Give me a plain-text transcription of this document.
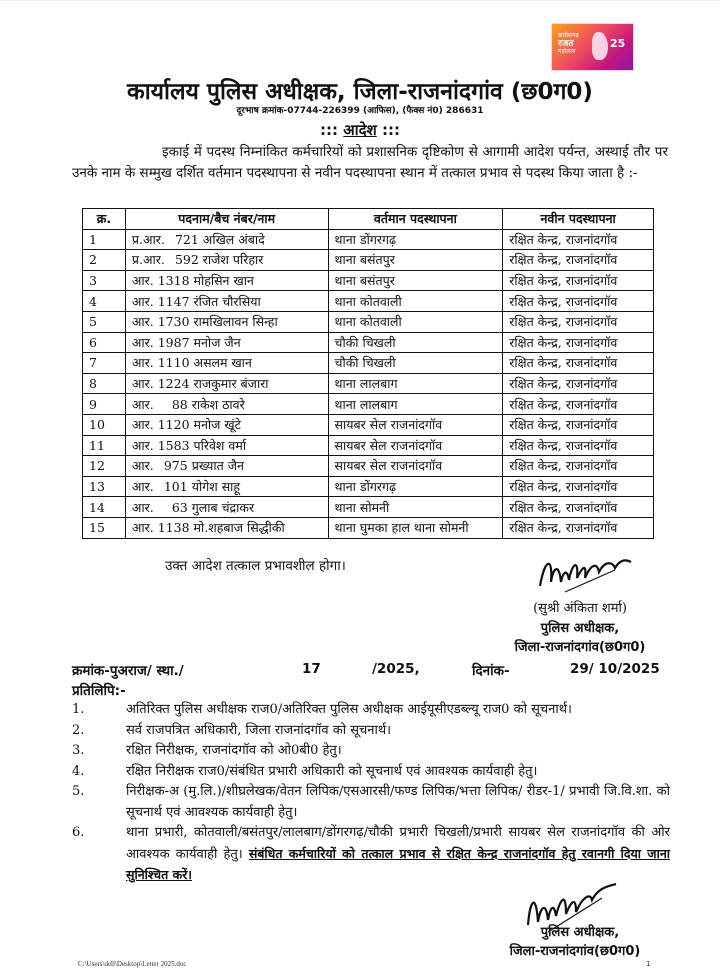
छत्तीसगढ़
रजत
महोत्सव
25
कार्यालय पुलिस अधीक्षक, जिला-राजनांदगांव (छ0ग0)
दूरभाष क्रमांक-07744-226399 (आफिस), (फैक्स नं0) 286631
::: आदेश :::
इकाई में पदस्थ निम्नांकित कर्मचारियों को प्रशासनिक दृष्टिकोण से आगामी आदेश पर्यन्त, अस्थाई तौर पर उनके नाम के सम्मुख दर्शित वर्तमान पदस्थापना से नवीन पदस्थापना स्थान में तत्काल प्रभाव से पदस्थ किया जाता है :-
क्र.	पदनाम/बैच नंबर/नाम	वर्तमान पदस्थापना	नवीन पदस्थापना
1	प्र.आर. 721 अखिल अंबादे	थाना डोंगरगढ़	रक्षित केन्द्र, राजनांदगॉव
2	प्र.आर. 592 राजेश परिहार	थाना बसंतपुर	रक्षित केन्द्र, राजनांदगॉव
3	आर. 1318 मोहसिन खान	थाना बसंतपुर	रक्षित केन्द्र, राजनांदगॉव
4	आर. 1147 रंजित चौरसिया	थाना कोतवाली	रक्षित केन्द्र, राजनांदगॉव
5	आर. 1730 रामखिलावन सिन्हा	थाना कोतवाली	रक्षित केन्द्र, राजनांदगॉव
6	आर. 1987 मनोज जैन	चौकी चिखली	रक्षित केन्द्र, राजनांदगॉव
7	आर. 1110 असलम खान	चौकी चिखली	रक्षित केन्द्र, राजनांदगॉव
8	आर. 1224 राजकुमार बंजारा	थाना लालबाग	रक्षित केन्द्र, राजनांदगॉव
9	आर. 88 राकेश ठावरे	थाना लालबाग	रक्षित केन्द्र, राजनांदगॉव
10	आर. 1120 मनोज खूंटे	सायबर सेल राजनांदगॉव	रक्षित केन्द्र, राजनांदगॉव
11	आर. 1583 परिवेश वर्मा	सायबर सेल राजनांदगॉव	रक्षित केन्द्र, राजनांदगॉव
12	आर. 975 प्रख्यात जैन	सायबर सेल राजनांदगॉव	रक्षित केन्द्र, राजनांदगॉव
13	आर. 101 योगेश साहू	थाना डोंगरगढ़	रक्षित केन्द्र, राजनांदगॉव
14	आर. 63 गुलाब चंद्राकर	थाना सोमनी	रक्षित केन्द्र, राजनांदगॉव
15	आर. 1138 मो.शहबाज सिद्धीकी	थाना घुमका हाल थाना सोमनी	रक्षित केन्द्र, राजनांदगॉव
उक्त आदेश तत्काल प्रभावशील होगा।
(सुश्री अंकिता शर्मा)
पुलिस अधीक्षक,
जिला-राजनांदगांव(छ0ग0)
क्रमांक-पुअराज/ स्था./	17	/2025,	दिनांक-	29/ 10/2025
प्रतिलिपि:-
1.	अतिरिक्त पुलिस अधीक्षक राज0/अतिरिक्त पुलिस अधीक्षक आईयूसीएडब्ल्यू राज0 को सूचनार्थ।
2.	सर्व राजपत्रित अधिकारी, जिला राजनांदगॉव को सूचनार्थ।
3.	रक्षित निरीक्षक, राजनांदगॉव को ओ0बी0 हेतु।
4.	रक्षित निरीक्षक राज0/संबंधित प्रभारी अधिकारी को सूचनार्थ एवं आवश्यक कार्यवाही हेतु।
5.	निरीक्षक-अ (मु.लि.)/शीघ्रलेखक/वेतन लिपिक/एसआरसी/फण्ड लिपिक/भत्ता लिपिक/ रीडर-1/ प्रभावी जि.वि.शा. को सूचनार्थ एवं आवश्यक कार्यवाही हेतु।
6.	थाना प्रभारी, कोतवाली/बसंतपुर/लालबाग/डोंगरगढ़/चौकी प्रभारी चिखली/प्रभारी सायबर सेल राजनांदगॉव की ओर आवश्यक कार्यवाही हेतु। संबंधित कर्मचारियों को तत्काल प्रभाव से रक्षित केन्द्र राजनांदगॉव हेतु रवानगी दिया जाना सुनिश्चित करें।
पुलिस अधीक्षक,
जिला-राजनांदगांव(छ0ग0)
C:\Users\dell\Desktop\Letter 2025.doc	1
